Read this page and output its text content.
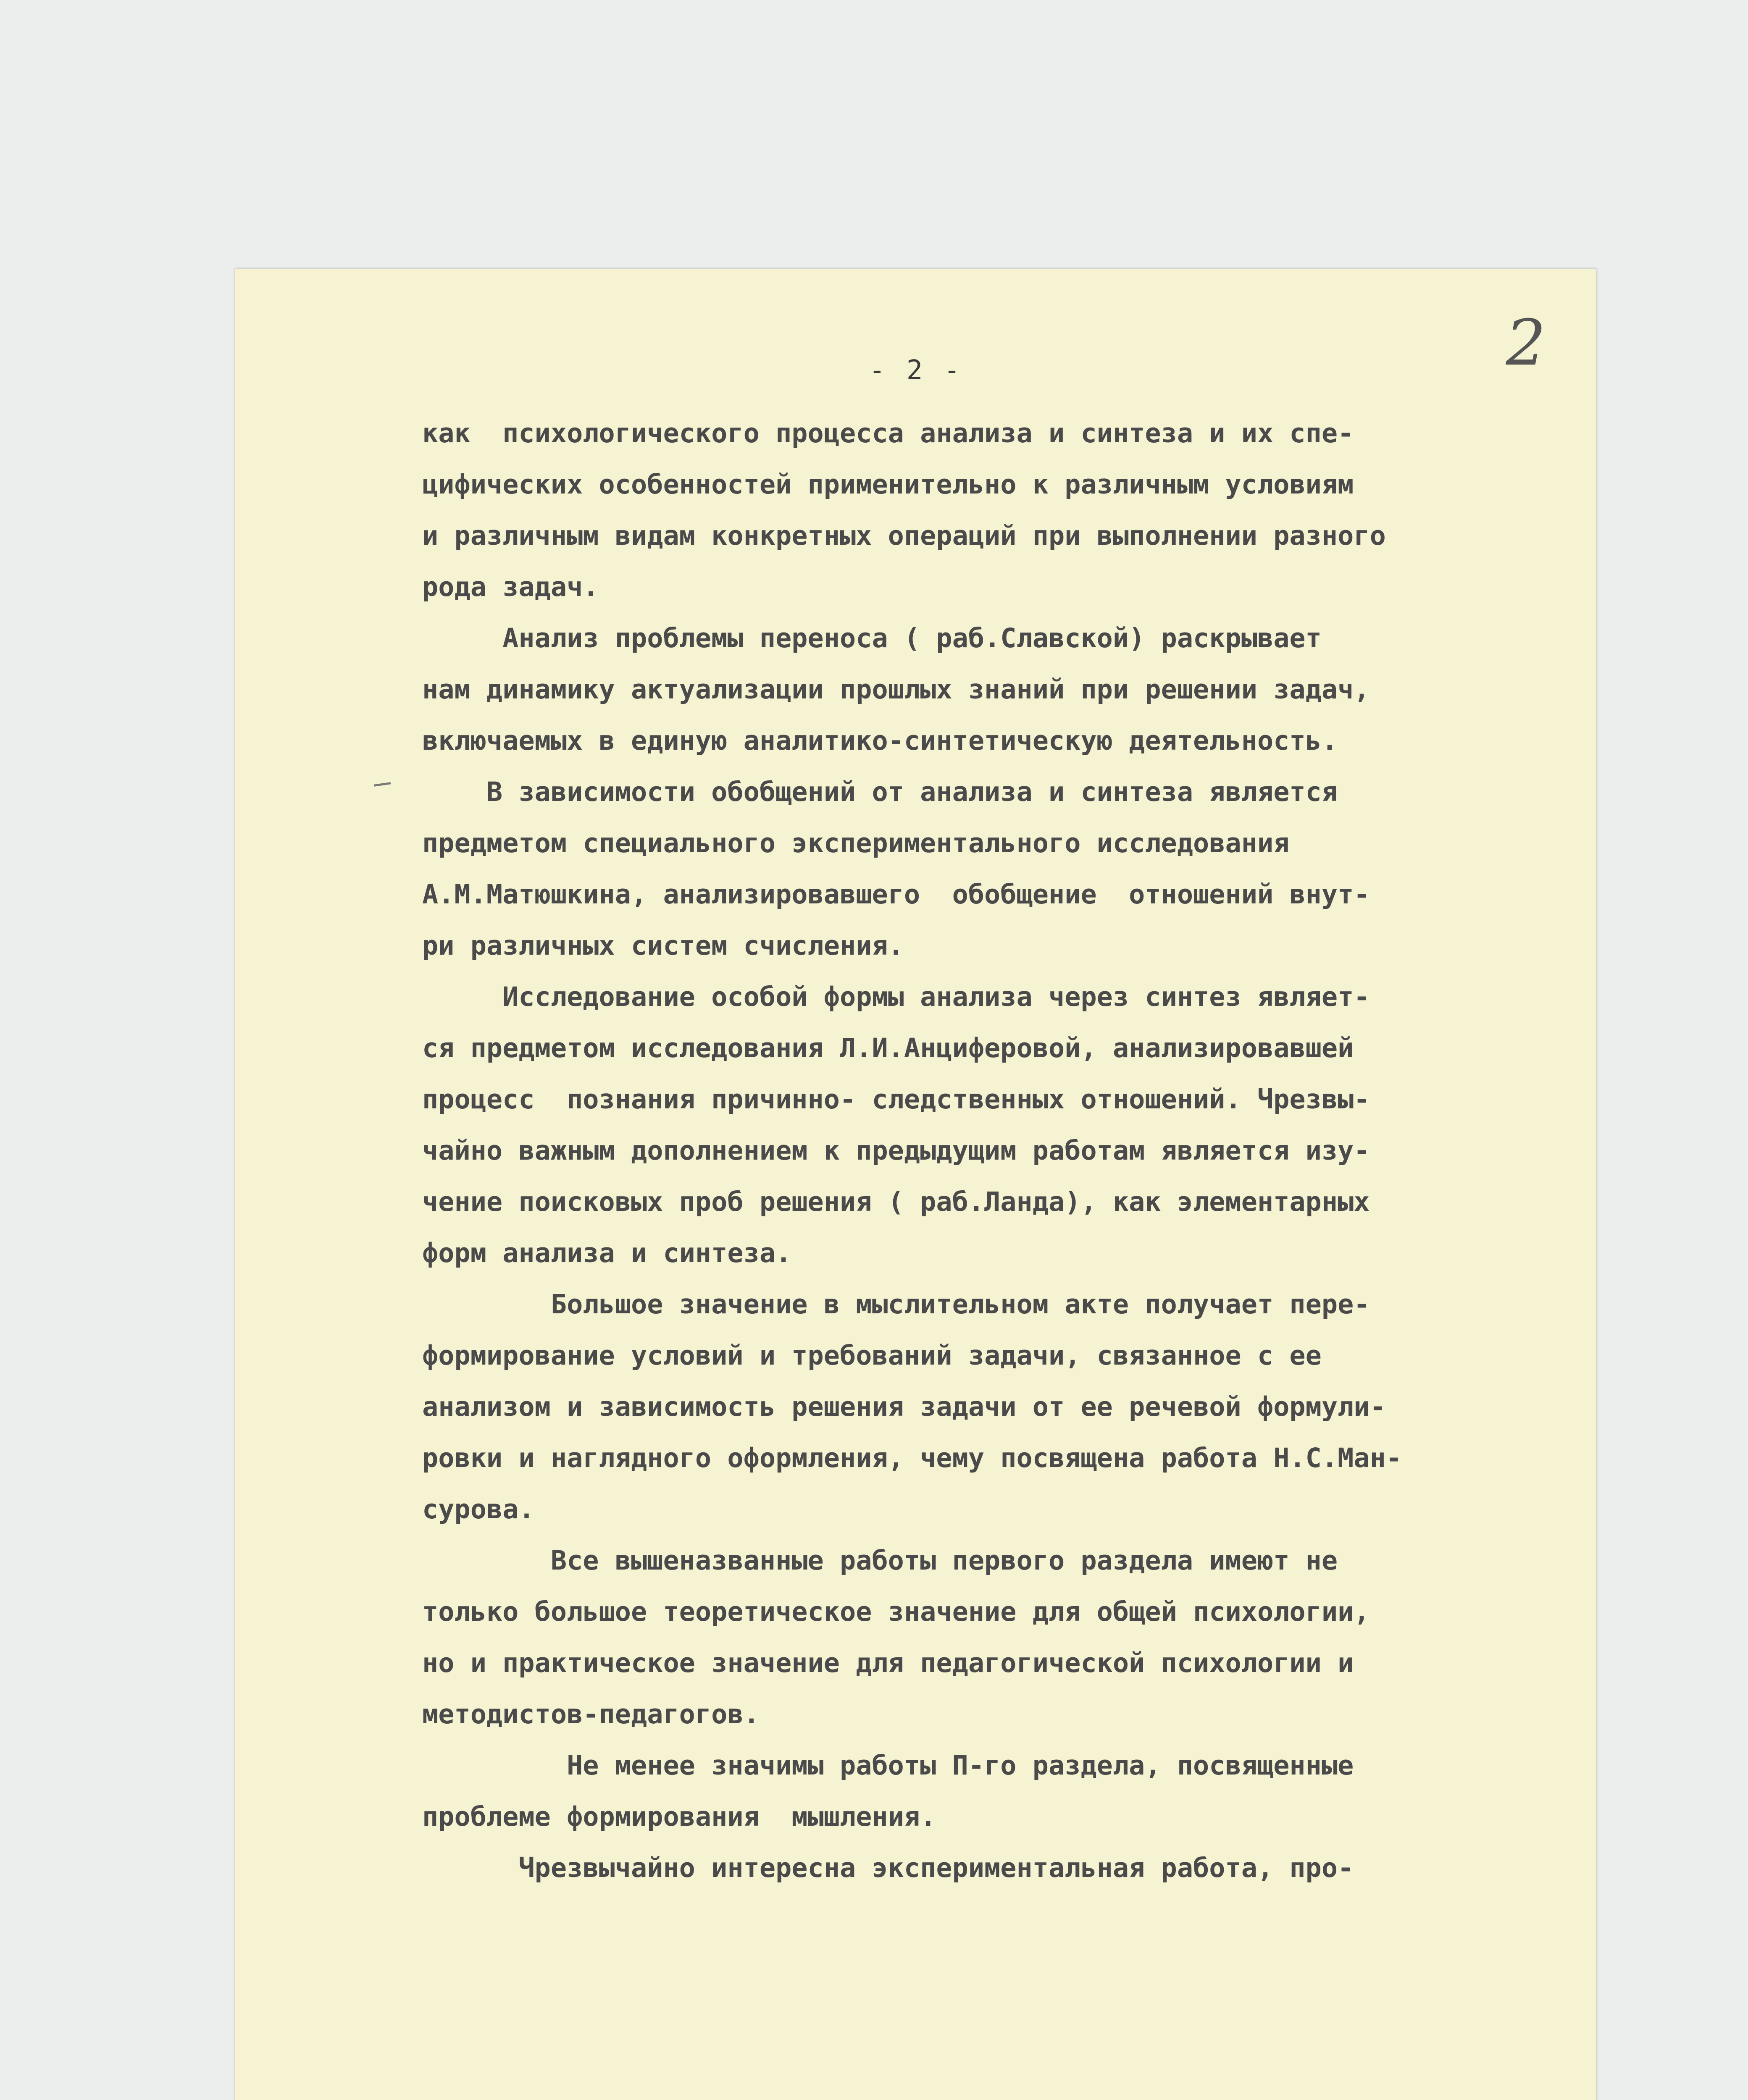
- 2 -	2
как  психологического процесса анализа и синтеза и их спе-
цифических особенностей применительно к различным условиям
и различным видам конкретных операций при выполнении разного
рода задач.
Анализ проблемы переноса ( раб.Славской) раскрывает
нам динамику актуализации прошлых знаний при решении задач,
включаемых в единую аналитико-синтетическую деятельность.
В зависимости обобщений от анализа и синтеза является
предметом специального экспериментального исследования
А.М.Матюшкина, анализировавшего  обобщение  отношений внут-
ри различных систем счисления.
Исследование особой формы анализа через синтез являет-
ся предметом исследования Л.И.Анциферовой, анализировавшей
процесс  познания причинно- следственных отношений. Чрезвы-
чайно важным дополнением к предыдущим работам является изу-
чение поисковых проб решения ( раб.Ланда), как элементарных
форм анализа и синтеза.
Большое значение в мыслительном акте получает пере-
формирование условий и требований задачи, связанное с ее
анализом и зависимость решения задачи от ее речевой формули-
ровки и наглядного оформления, чему посвящена работа Н.С.Ман-
сурова.
Все вышеназванные работы первого раздела имеют не
только большое теоретическое значение для общей психологии,
но и практическое значение для педагогической психологии и
методистов-педагогов.
Не менее значимы работы П-го раздела, посвященные
проблеме формирования  мышления.
Чрезвычайно интересна экспериментальная работа, про-
